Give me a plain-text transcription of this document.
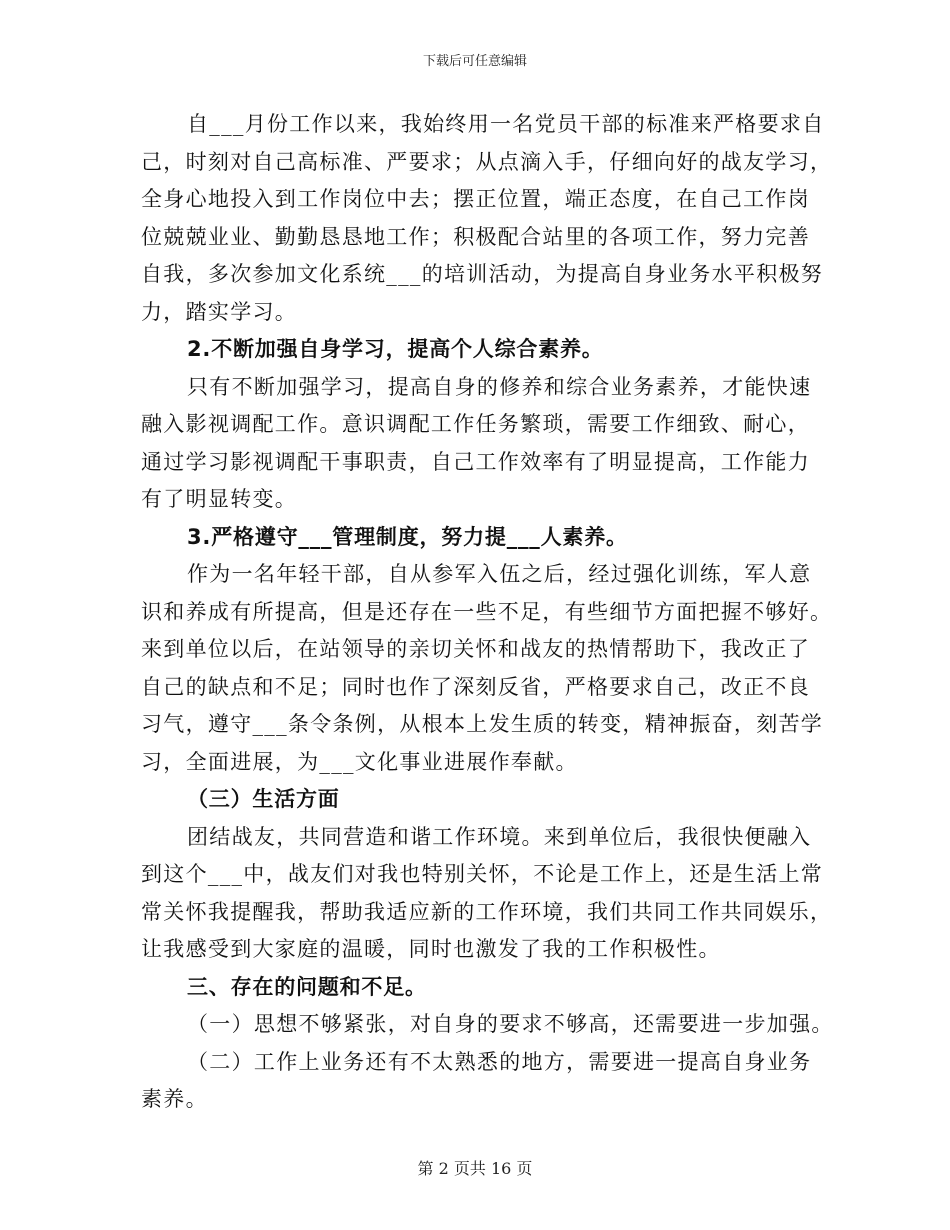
下载后可任意编辑
自___月份工作以来，我始终用一名党员干部的标准来严格要求自
己，时刻对自己高标准、严要求；从点滴入手，仔细向好的战友学习，
全身心地投入到工作岗位中去；摆正位置，端正态度，在自己工作岗
位兢兢业业、勤勤恳恳地工作；积极配合站里的各项工作，努力完善
自我，多次参加文化系统___的培训活动，为提高自身业务水平积极努
力，踏实学习。
2.不断加强自身学习，提高个人综合素养。
只有不断加强学习，提高自身的修养和综合业务素养，才能快速
融入影视调配工作。意识调配工作任务繁琐，需要工作细致、耐心，
通过学习影视调配干事职责，自己工作效率有了明显提高，工作能力
有了明显转变。
3.严格遵守___管理制度，努力提___人素养。
作为一名年轻干部，自从参军入伍之后，经过强化训练，军人意
识和养成有所提高，但是还存在一些不足，有些细节方面把握不够好。
来到单位以后，在站领导的亲切关怀和战友的热情帮助下，我改正了
自己的缺点和不足；同时也作了深刻反省，严格要求自己，改正不良
习气，遵守___条令条例，从根本上发生质的转变，精神振奋，刻苦学
习，全面进展，为___文化事业进展作奉献。
（三）生活方面
团结战友，共同营造和谐工作环境。来到单位后，我很快便融入
到这个___中，战友们对我也特别关怀，不论是工作上，还是生活上常
常关怀我提醒我，帮助我适应新的工作环境，我们共同工作共同娱乐，
让我感受到大家庭的温暖，同时也激发了我的工作积极性。
三、存在的问题和不足。
（一）思想不够紧张，对自身的要求不够高，还需要进一步加强。
（二）工作上业务还有不太熟悉的地方，需要进一提高自身业务
素养。
第 2 页共 16 页
